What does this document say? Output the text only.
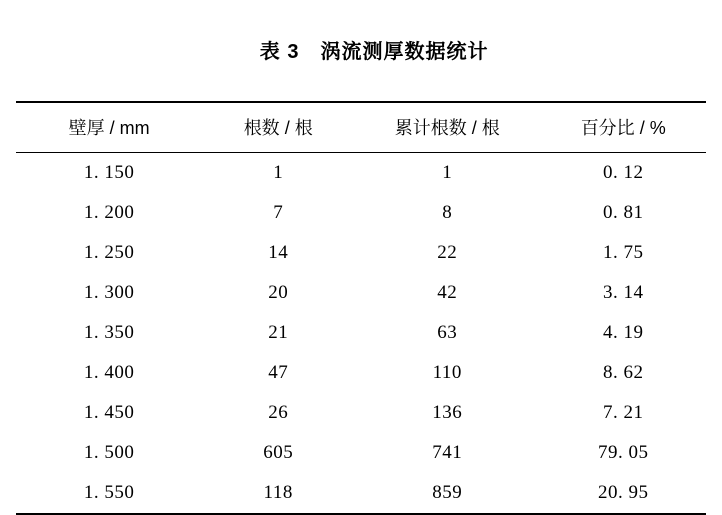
表 3　涡流测厚数据统计

壁厚 / mm	根数 / 根	累计根数 / 根	百分比 / %
1. 150	1	1	0. 12
1. 200	7	8	0. 81
1. 250	14	22	1. 75
1. 300	20	42	3. 14
1. 350	21	63	4. 19
1. 400	47	110	8. 62
1. 450	26	136	7. 21
1. 500	605	741	79. 05
1. 550	118	859	20. 95
